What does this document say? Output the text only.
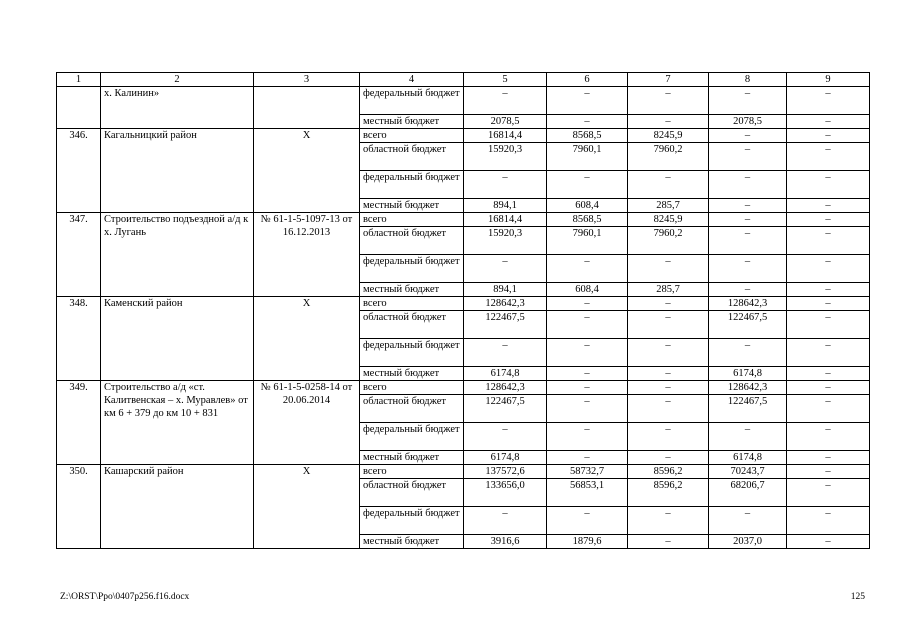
1	2	3	4	5	6	7	8	9
	х. Калинин»		федеральный бюджет	–	–	–	–	–
			местный бюджет	2078,5	–	–	2078,5	–
346.	Кагальницкий район	Х	всего	16814,4	8568,5	8245,9	–	–
			областной бюджет	15920,3	7960,1	7960,2	–	–
			федеральный бюджет	–	–	–	–	–
			местный бюджет	894,1	608,4	285,7	–	–
347.	Строительство подъездной а/д к х. Лугань	№ 61-1-5-1097-13 от 16.12.2013	всего	16814,4	8568,5	8245,9	–	–
			областной бюджет	15920,3	7960,1	7960,2	–	–
			федеральный бюджет	–	–	–	–	–
			местный бюджет	894,1	608,4	285,7	–	–
348.	Каменский район	Х	всего	128642,3	–	–	128642,3	–
			областной бюджет	122467,5	–	–	122467,5	–
			федеральный бюджет	–	–	–	–	–
			местный бюджет	6174,8	–	–	6174,8	–
349.	Строительство а/д «ст. Калитвенская – х. Муравлев» от км 6 + 379 до км 10 + 831	№ 61-1-5-0258-14 от 20.06.2014	всего	128642,3	–	–	128642,3	–
			областной бюджет	122467,5	–	–	122467,5	–
			федеральный бюджет	–	–	–	–	–
			местный бюджет	6174,8	–	–	6174,8	–
350.	Кашарский район	Х	всего	137572,6	58732,7	8596,2	70243,7	–
			областной бюджет	133656,0	56853,1	8596,2	68206,7	–
			федеральный бюджет	–	–	–	–	–
			местный бюджет	3916,6	1879,6	–	2037,0	–
Z:\ORST\Ppo\0407p256.f16.docx	125
